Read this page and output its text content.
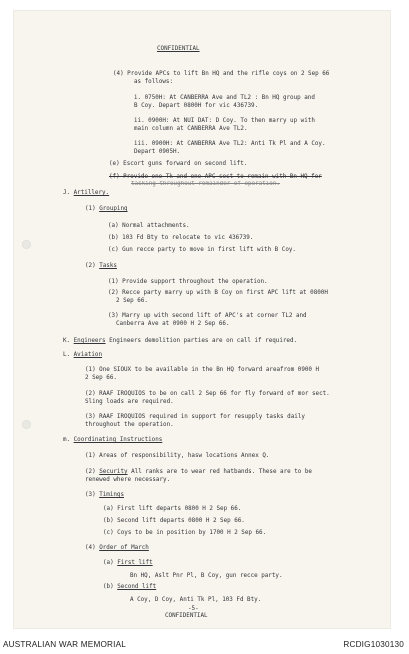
CONFIDENTIAL
(4) Provide APCs to lift Bn HQ and the rifle coys on 2 Sep 66
as follows:
i. 0750H: At CANBERRA Ave and TL2 : Bn HQ group and
B Coy. Depart 0800H for vic 436739.
ii. 0900H: At NUI DAT: D Coy. To then marry up with
main column at CANBERRA Ave TL2.
iii. 0900H: At CANBERRA Ave TL2: Anti Tk Pl and A Coy.
Depart 0905H.
(e) Escort guns forward on second lift.
(f) Provide one Tk and one APC sect to remain with Bn HQ for
tasking throughout remainder of operation.
J. Artillery.
(1) Grouping
(a) Normal attachments.
(b) 103 Fd Bty to relocate to vic 436739.
(c) Gun recce party to move in first lift with B Coy.
(2) Tasks
(1) Provide support throughout the operation.
(2) Recce party marry up with B Coy on first APC lift at 0800H
2 Sep 66.
(3) Marry up with second lift of APC's at corner TL2 and
Canberra Ave at 0900 H 2 Sep 66.
K. Engineers Engineers demolition parties are on call if required.
L. Aviation
(1) One SIOUX to be available in the Bn HQ forward areafrom 0900 H
2 Sep 66.
(2) RAAF IROQUIOS to be on call 2 Sep 66 for fly forward of mor sect.
Sling loads are required.
(3) RAAF IROQUIOS required in support for resupply tasks daily
throughout the operation.
m. Coordinating Instructions
(1) Areas of responsibility, hasw locations Annex Q.
(2) Security All ranks are to wear red hatbands. These are to be
renewed where necessary.
(3) Timings
(a) First lift departs 0800 H 2 Sep 66.
(b) Second lift departs 0800 H 2 Sep 66.
(c) Coys to be in position by 1700 H 2 Sep 66.
(4) Order of March
(a) First lift
Bn HQ, Aslt Pnr Pl, B Coy, gun recce party.
(b) Second lift
A Coy, D Coy, Anti Tk Pl, 103 Fd Bty.
-5-
CONFIDENTIAL
AUSTRALIAN WAR MEMORIAL	RCDIG1030130
